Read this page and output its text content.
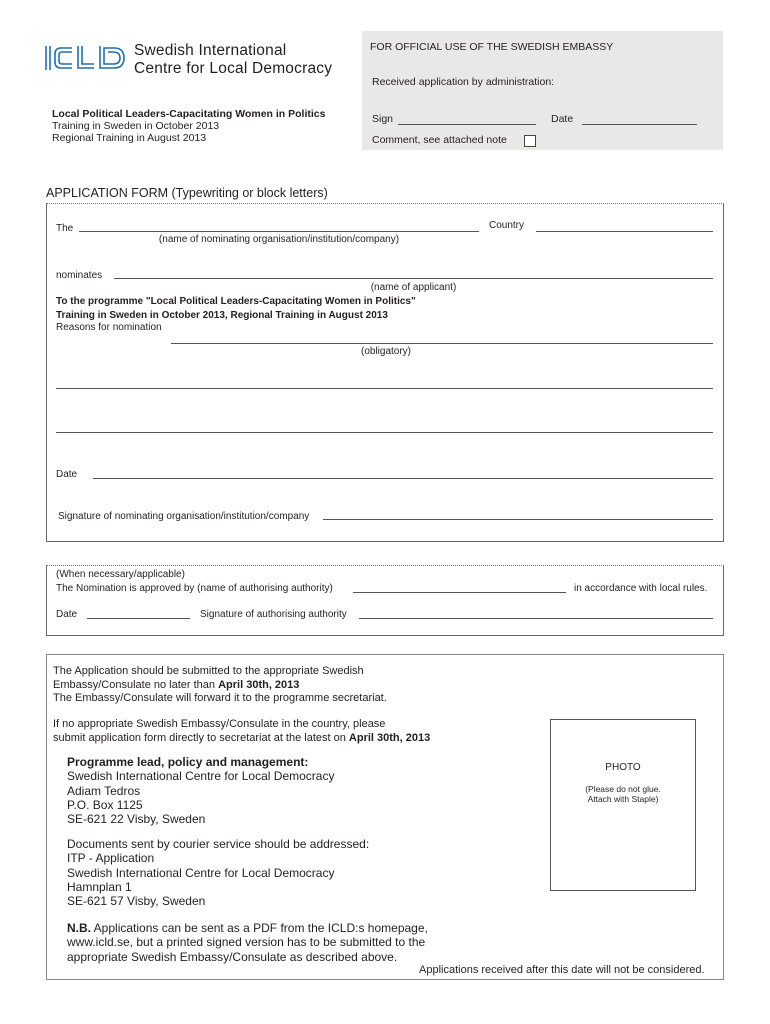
Swedish International
Centre for Local Democracy
Local Political Leaders-Capacitating Women in Politics
Training in Sweden in October 2013
Regional Training in August 2013
FOR OFFICIAL USE OF THE SWEDISH EMBASSY
Received application by administration:
Sign	Date
Comment, see attached note
APPLICATION FORM (Typewriting or block letters)
The	Country
(name of nominating organisation/institution/company)
nominates
(name of applicant)
To the programme "Local Political Leaders-Capacitating Women in Politics"
Training in Sweden in October 2013, Regional Training in August 2013
Reasons for nomination
(obligatory)
Date
Signature of nominating organisation/institution/company
(When necessary/applicable)
The Nomination is approved by (name of authorising authority)	in accordance with local rules.
Date	Signature of authorising authority
The Application should be submitted to the appropriate Swedish
Embassy/Consulate no later than April 30th, 2013
The Embassy/Consulate will forward it to the programme secretariat.
If no appropriate Swedish Embassy/Consulate in the country, please
submit application form directly to secretariat at the latest on April 30th, 2013
Programme lead, policy and management:
Swedish International Centre for Local Democracy
Adiam Tedros
P.O. Box 1125
SE-621 22 Visby, Sweden
Documents sent by courier service should be addressed:
ITP - Application
Swedish International Centre for Local Democracy
Hamnplan 1
SE-621 57 Visby, Sweden
N.B. Applications can be sent as a PDF from the ICLD:s homepage,
www.icld.se, but a printed signed version has to be submitted to the
appropriate Swedish Embassy/Consulate as described above.
Applications received after this date will not be considered.
PHOTO
(Please do not glue.
Attach with Staple)
